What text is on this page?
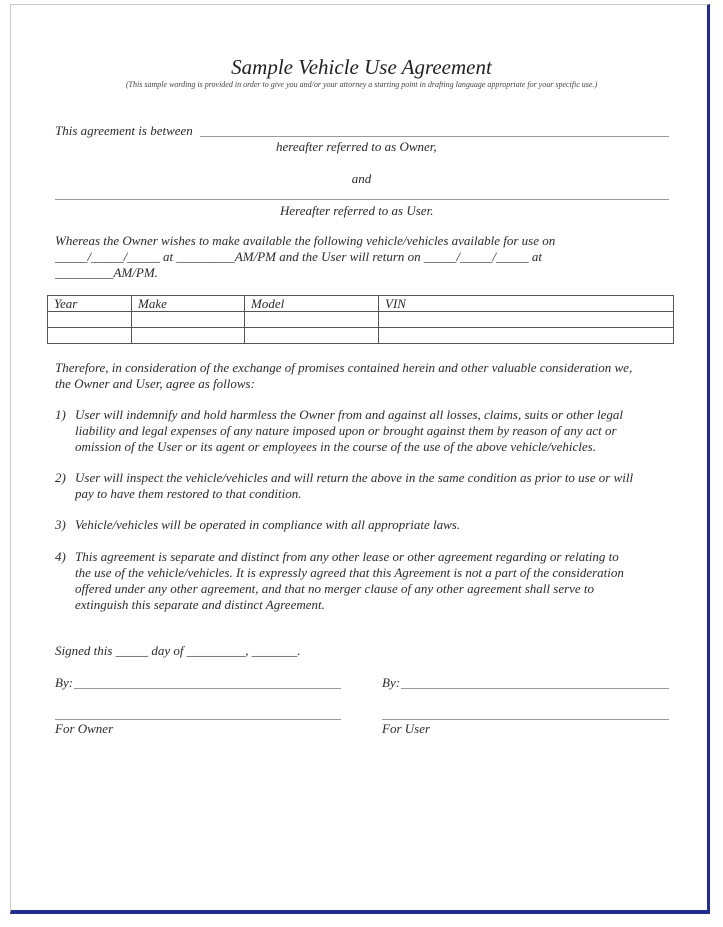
Sample Vehicle Use Agreement
(This sample wording is provided in order to give you and/or your attorney a starting point in drafting language appropriate for your specific use.)
This agreement is between
hereafter referred to as Owner,
and
Hereafter referred to as User.
Whereas the Owner wishes to make available the following vehicle/vehicles available for use on
_____/_____/_____ at _________AM/PM and the User will return on _____/_____/_____ at
_________AM/PM.
Year	Make	Model	VIN

Therefore, in consideration of the exchange of promises contained herein and other valuable consideration we,
the Owner and User, agree as follows:
1) User will indemnify and hold harmless the Owner from and against all losses, claims, suits or other legal
liability and legal expenses of any nature imposed upon or brought against them by reason of any act or
omission of the User or its agent or employees in the course of the use of the above vehicle/vehicles.
2) User will inspect the vehicle/vehicles and will return the above in the same condition as prior to use or will
pay to have them restored to that condition.
3) Vehicle/vehicles will be operated in compliance with all appropriate laws.
4) This agreement is separate and distinct from any other lease or other agreement regarding or relating to
the use of the vehicle/vehicles. It is expressly agreed that this Agreement is not a part of the consideration
offered under any other agreement, and that no merger clause of any other agreement shall serve to
extinguish this separate and distinct Agreement.
Signed this _____ day of _________, _______.
By:	By:
For Owner	For User
